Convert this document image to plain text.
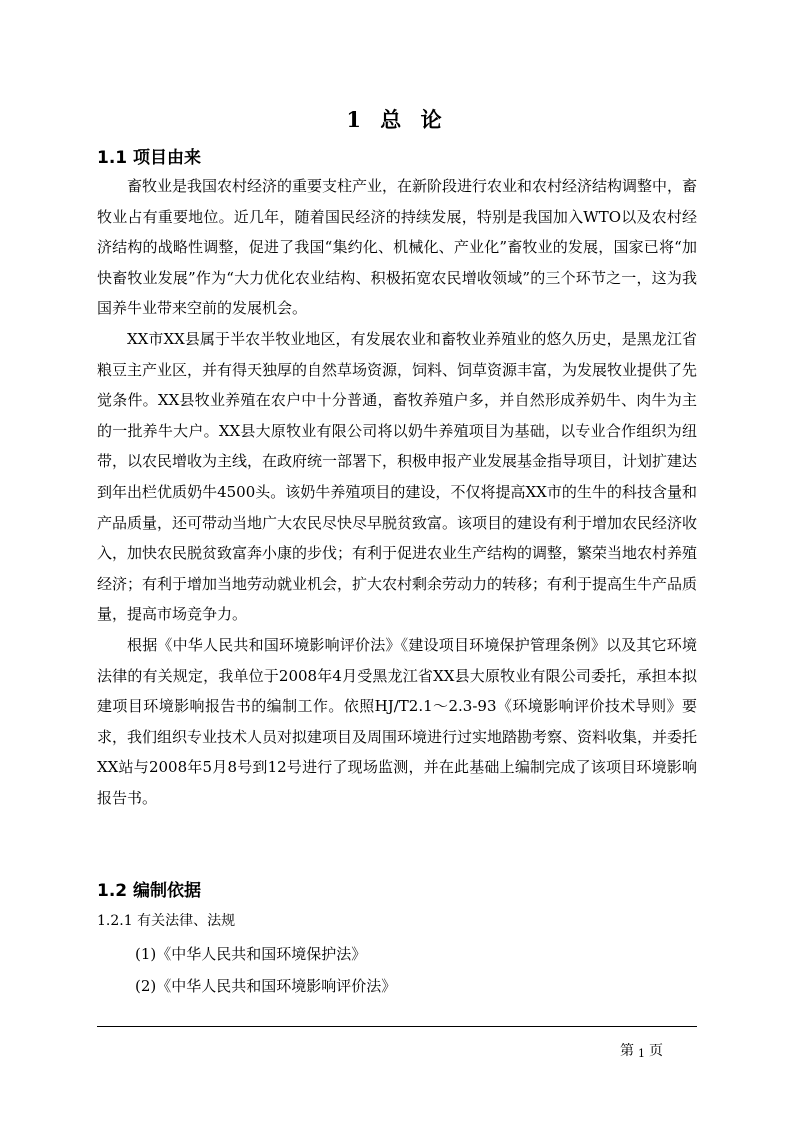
1 总 论
1.1 项目由来

畜牧业是我国农村经济的重要支柱产业，在新阶段进行农业和农村经济结构调整中，畜牧业占有重要地位。近几年，随着国民经济的持续发展，特别是我国加入WTO以及农村经济结构的战略性调整，促进了我国“集约化、机械化、产业化”畜牧业的发展，国家已将“加快畜牧业发展”作为“大力优化农业结构、积极拓宽农民增收领域”的三个环节之一，这为我国养牛业带来空前的发展机会。

XX市XX县属于半农半牧业地区，有发展农业和畜牧业养殖业的悠久历史，是黑龙江省粮豆主产业区，并有得天独厚的自然草场资源，饲料、饲草资源丰富，为发展牧业提供了先觉条件。XX县牧业养殖在农户中十分普通，畜牧养殖户多，并自然形成养奶牛、肉牛为主的一批养牛大户。XX县大原牧业有限公司将以奶牛养殖项目为基础，以专业合作组织为纽带，以农民增收为主线，在政府统一部署下，积极申报产业发展基金指导项目，计划扩建达到年出栏优质奶牛4500头。该奶牛养殖项目的建设，不仅将提高XX市的生牛的科技含量和产品质量，还可带动当地广大农民尽快尽早脱贫致富。该项目的建设有利于增加农民经济收入，加快农民脱贫致富奔小康的步伐；有利于促进农业生产结构的调整，繁荣当地农村养殖经济；有利于增加当地劳动就业机会，扩大农村剩余劳动力的转移；有利于提高生牛产品质量，提高市场竞争力。

根据《中华人民共和国环境影响评价法》《建设项目环境保护管理条例》以及其它环境法律的有关规定，我单位于2008年4月受黑龙江省XX县大原牧业有限公司委托，承担本拟建项目环境影响报告书的编制工作。依照HJ/T2.1～2.3-93《环境影响评价技术导则》要求，我们组织专业技术人员对拟建项目及周围环境进行过实地踏勘考察、资料收集，并委托XX站与2008年5月8号到12号进行了现场监测，并在此基础上编制完成了该项目环境影响报告书。

1.2 编制依据
1.2.1 有关法律、法规
(1)《中华人民共和国环境保护法》
(2)《中华人民共和国环境影响评价法》
第 1 页
